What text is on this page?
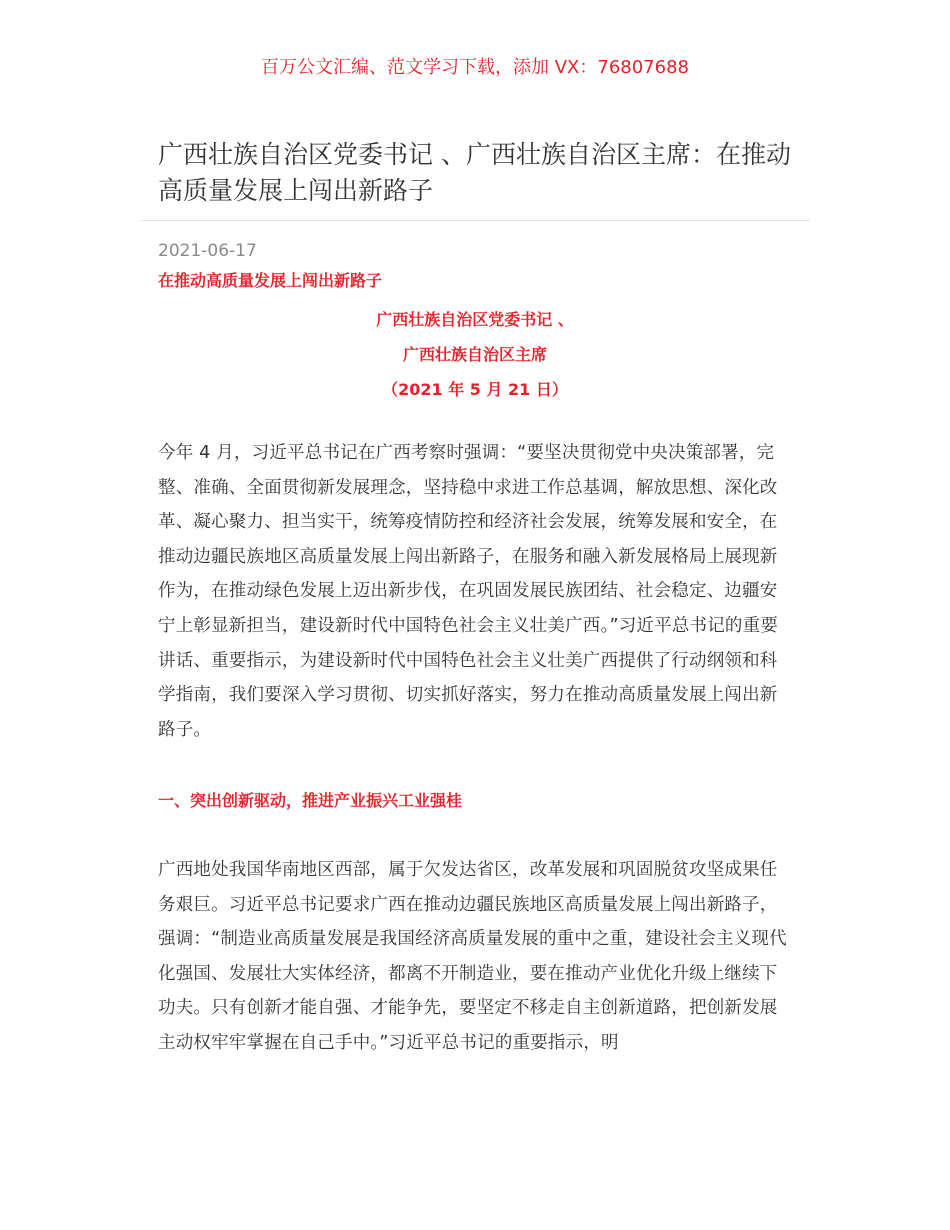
百万公文汇编、范文学习下载，添加 VX：76807688
广西壮族自治区党委书记 、广西壮族自治区主席：在推动高质量发展上闯出新路子
2021-06-17
在推动高质量发展上闯出新路子
广西壮族自治区党委书记 、
广西壮族自治区主席
（2021 年 5 月 21 日）

今年 4 月，习近平总书记在广西考察时强调：“要坚决贯彻党中央决策部署，完整、准确、全面贯彻新发展理念，坚持稳中求进工作总基调，解放思想、深化改革、凝心聚力、担当实干，统筹疫情防控和经济社会发展，统筹发展和安全，在推动边疆民族地区高质量发展上闯出新路子，在服务和融入新发展格局上展现新作为，在推动绿色发展上迈出新步伐，在巩固发展民族团结、社会稳定、边疆安宁上彰显新担当，建设新时代中国特色社会主义壮美广西。”习近平总书记的重要讲话、重要指示，为建设新时代中国特色社会主义壮美广西提供了行动纲领和科学指南，我们要深入学习贯彻、切实抓好落实，努力在推动高质量发展上闯出新路子。

一、突出创新驱动，推进产业振兴工业强桂

广西地处我国华南地区西部，属于欠发达省区，改革发展和巩固脱贫攻坚成果任务艰巨。习近平总书记要求广西在推动边疆民族地区高质量发展上闯出新路子，强调：“制造业高质量发展是我国经济高质量发展的重中之重，建设社会主义现代化强国、发展壮大实体经济，都离不开制造业，要在推动产业优化升级上继续下功夫。只有创新才能自强、才能争先，要坚定不移走自主创新道路，把创新发展主动权牢牢掌握在自己手中。”习近平总书记的重要指示，明
